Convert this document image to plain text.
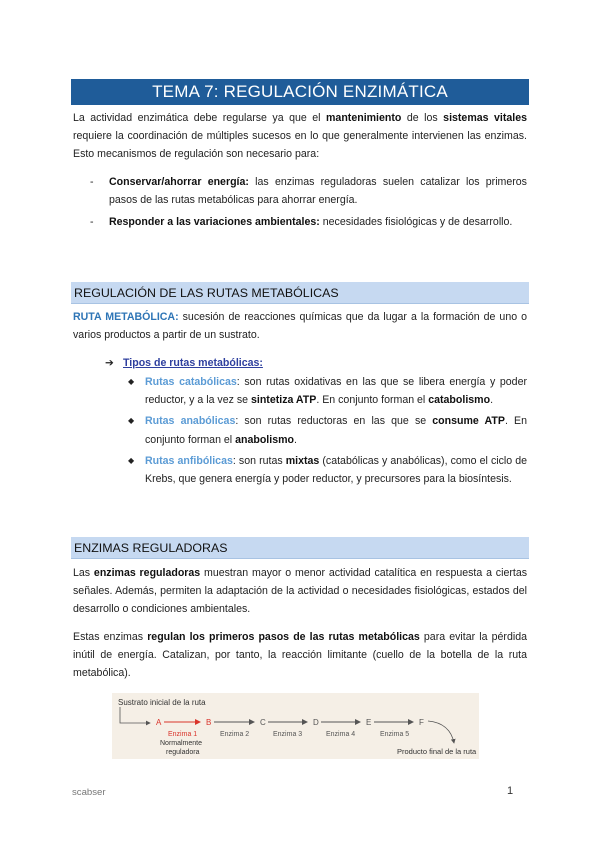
TEMA 7: REGULACIÓN ENZIMÁTICA

La actividad enzimática debe regularse ya que el mantenimiento de los sistemas vitales requiere la coordinación de múltiples sucesos en lo que generalmente intervienen las enzimas. Esto mecanismos de regulación son necesario para:

- Conservar/ahorrar energía: las enzimas reguladoras suelen catalizar los primeros pasos de las rutas metabólicas para ahorrar energía.
- Responder a las variaciones ambientales: necesidades fisiológicas y de desarrollo.
REGULACIÓN DE LAS RUTAS METABÓLICAS

RUTA METABÓLICA: sucesión de reacciones químicas que da lugar a la formación de uno o varios productos a partir de un sustrato.

➔ Tipos de rutas metabólicas:
◆ Rutas catabólicas: son rutas oxidativas en las que se libera energía y poder reductor, y a la vez se sintetiza ATP. En conjunto forman el catabolismo.
◆ Rutas anabólicas: son rutas reductoras en las que se consume ATP. En conjunto forman el anabolismo.
◆ Rutas anfibólicas: son rutas mixtas (catabólicas y anabólicas), como el ciclo de Krebs, que genera energía y poder reductor, y precursores para la biosíntesis.
ENZIMAS REGULADORAS

Las enzimas reguladoras muestran mayor o menor actividad catalítica en respuesta a ciertas señales. Además, permiten la adaptación de la actividad o necesidades fisiológicas, estados del desarrollo o condiciones ambientales.

Estas enzimas regulan los primeros pasos de las rutas metabólicas para evitar la pérdida inútil de energía. Catalizan, por tanto, la reacción limitante (cuello de la botella de la ruta metabólica).

Sustrato inicial de la ruta
A	B	C	D	E	F
Enzima 1	Enzima 2	Enzima 3	Enzima 4	Enzima 5
Normalmente
reguladora	Producto final de la ruta
scabser	1
